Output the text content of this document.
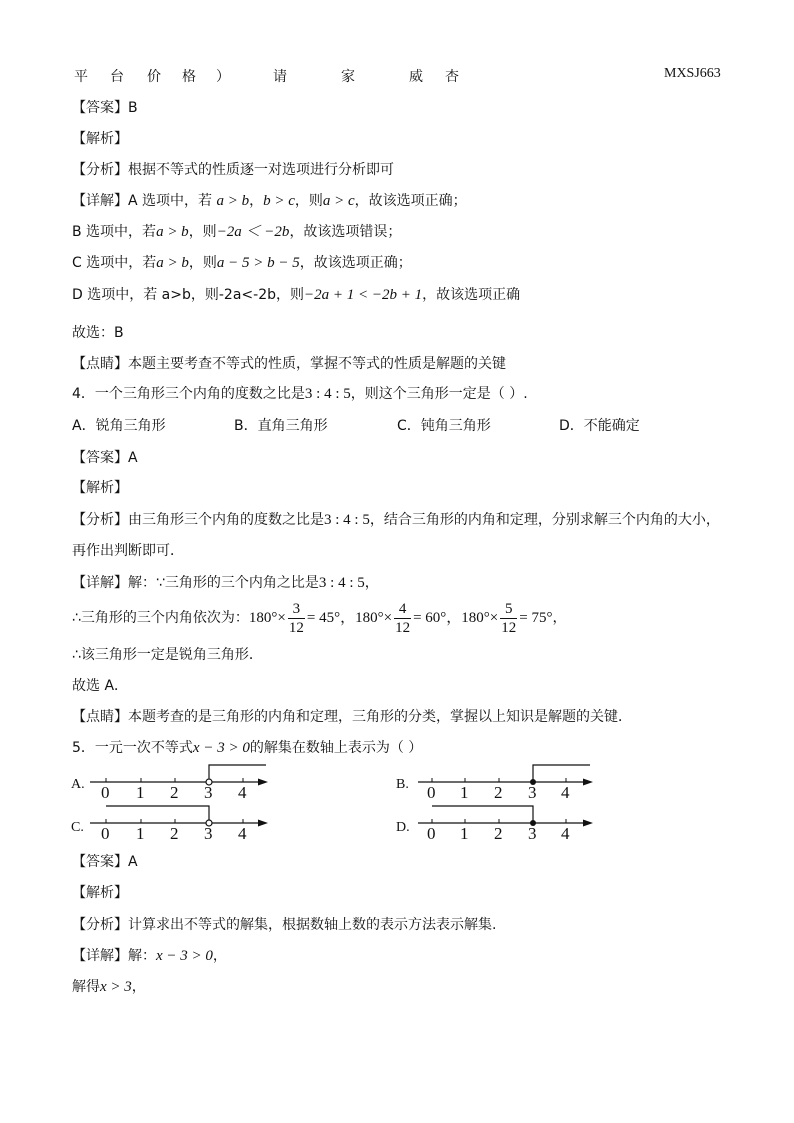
平 台 价 格 ）	请	家	威 杏	MXSJ663
【答案】B
【解析】
【分析】根据不等式的性质逐一对选项进行分析即可
【详解】A 选项中，若 a > b，b > c，则a > c，故该选项正确；
B 选项中，若a > b，则−2a ＜ −2b，故该选项错误；
C 选项中，若a > b，则a − 5 > b − 5，故该选项正确；
D 选项中，若 a>b，则-2a<-2b，则−2a + 1 < −2b + 1，故该选项正确
故选：B
【点睛】本题主要考查不等式的性质，掌握不等式的性质是解题的关键
4．一个三角形三个内角的度数之比是3 : 4 : 5，则这个三角形一定是（ ）.
A．锐角三角形	B．直角三角形	C．钝角三角形	D．不能确定
【答案】A
【解析】
【分析】由三角形三个内角的度数之比是3 : 4 : 5，结合三角形的内角和定理，分别求解三个内角的大小，
再作出判断即可．
【详解】解：∵三角形的三个内角之比是3 : 4 : 5，
∴三角形的三个内角依次为：$180^\circ\times \frac{3}{12} = 45^\circ$，$180^\circ\times \frac{4}{12} = 60^\circ$，$180^\circ\times \frac{5}{12} = 75^\circ$，
∴该三角形一定是锐角三角形．
故选 A．
【点睛】本题考查的是三角形的内角和定理，三角形的分类，掌握以上知识是解题的关键．
5．一元一次不等式x − 3 > 0的解集在数轴上表示为（ ）
A. 0 1 2 3 4	B. 0 1 2 3 4
C. 0 1 2 3 4	D. 0 1 2 3 4
【答案】A
【解析】
【分析】计算求出不等式的解集，根据数轴上数的表示方法表示解集.
【详解】解：x − 3 > 0，
解得x > 3，
